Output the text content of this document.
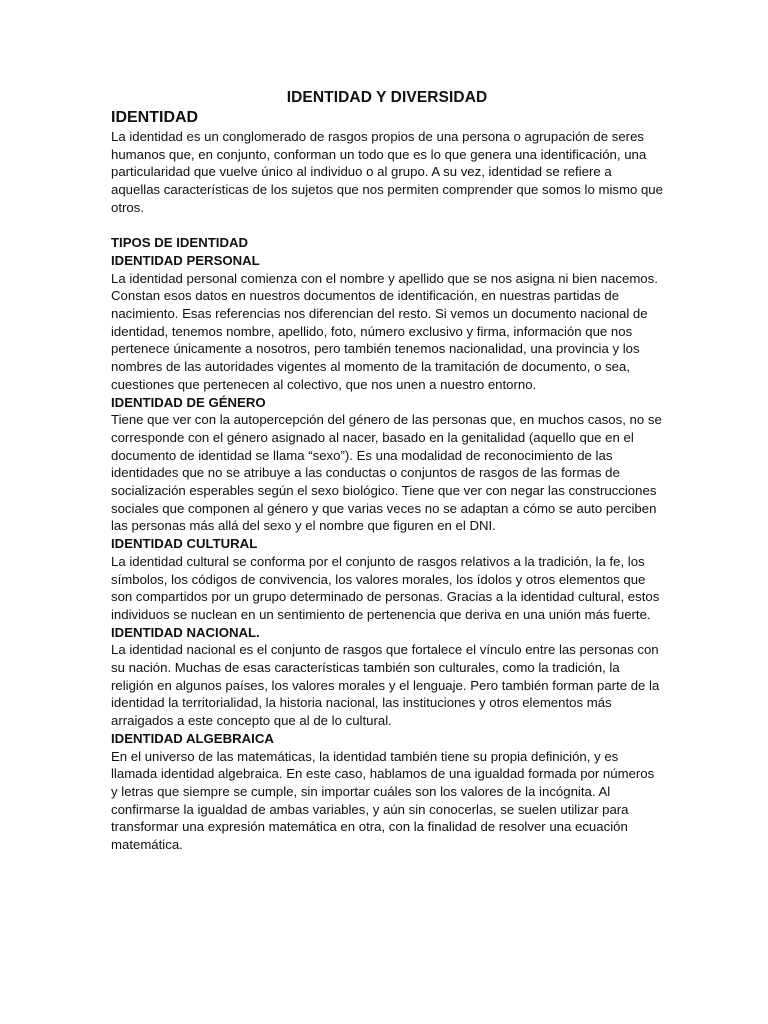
IDENTIDAD Y DIVERSIDAD
IDENTIDAD

La identidad es un conglomerado de rasgos propios de una persona o agrupación de seres humanos que, en conjunto, conforman un todo que es lo que genera una identificación, una particularidad que vuelve único al individuo o al grupo. A su vez, identidad se refiere a aquellas características de los sujetos que nos permiten comprender que somos lo mismo que otros.

TIPOS DE IDENTIDAD
IDENTIDAD PERSONAL

La identidad personal comienza con el nombre y apellido que se nos asigna ni bien nacemos. Constan esos datos en nuestros documentos de identificación, en nuestras partidas de nacimiento. Esas referencias nos diferencian del resto. Si vemos un documento nacional de identidad, tenemos nombre, apellido, foto, número exclusivo y firma, información que nos pertenece únicamente a nosotros, pero también tenemos nacionalidad, una provincia y los nombres de las autoridades vigentes al momento de la tramitación de documento, o sea, cuestiones que pertenecen al colectivo, que nos unen a nuestro entorno.

IDENTIDAD DE GÉNERO

Tiene que ver con la autopercepción del género de las personas que, en muchos casos, no se corresponde con el género asignado al nacer, basado en la genitalidad (aquello que en el documento de identidad se llama “sexo”). Es una modalidad de reconocimiento de las identidades que no se atribuye a las conductas o conjuntos de rasgos de las formas de socialización esperables según el sexo biológico. Tiene que ver con negar las construcciones sociales que componen al género y que varias veces no se adaptan a cómo se auto perciben las personas más allá del sexo y el nombre que figuren en el DNI.

IDENTIDAD CULTURAL

La identidad cultural se conforma por el conjunto de rasgos relativos a la tradición, la fe, los símbolos, los códigos de convivencia, los valores morales, los ídolos y otros elementos que son compartidos por un grupo determinado de personas. Gracias a la identidad cultural, estos individuos se nuclean en un sentimiento de pertenencia que deriva en una unión más fuerte.

IDENTIDAD NACIONAL.

La identidad nacional es el conjunto de rasgos que fortalece el vínculo entre las personas con su nación. Muchas de esas características también son culturales, como la tradición, la religión en algunos países, los valores morales y el lenguaje. Pero también forman parte de la identidad la territorialidad, la historia nacional, las instituciones y otros elementos más arraigados a este concepto que al de lo cultural.

IDENTIDAD ALGEBRAICA

En el universo de las matemáticas, la identidad también tiene su propia definición, y es llamada identidad algebraica. En este caso, hablamos de una igualdad formada por números y letras que siempre se cumple, sin importar cuáles son los valores de la incógnita. Al confirmarse la igualdad de ambas variables, y aún sin conocerlas, se suelen utilizar para transformar una expresión matemática en otra, con la finalidad de resolver una ecuación matemática.
